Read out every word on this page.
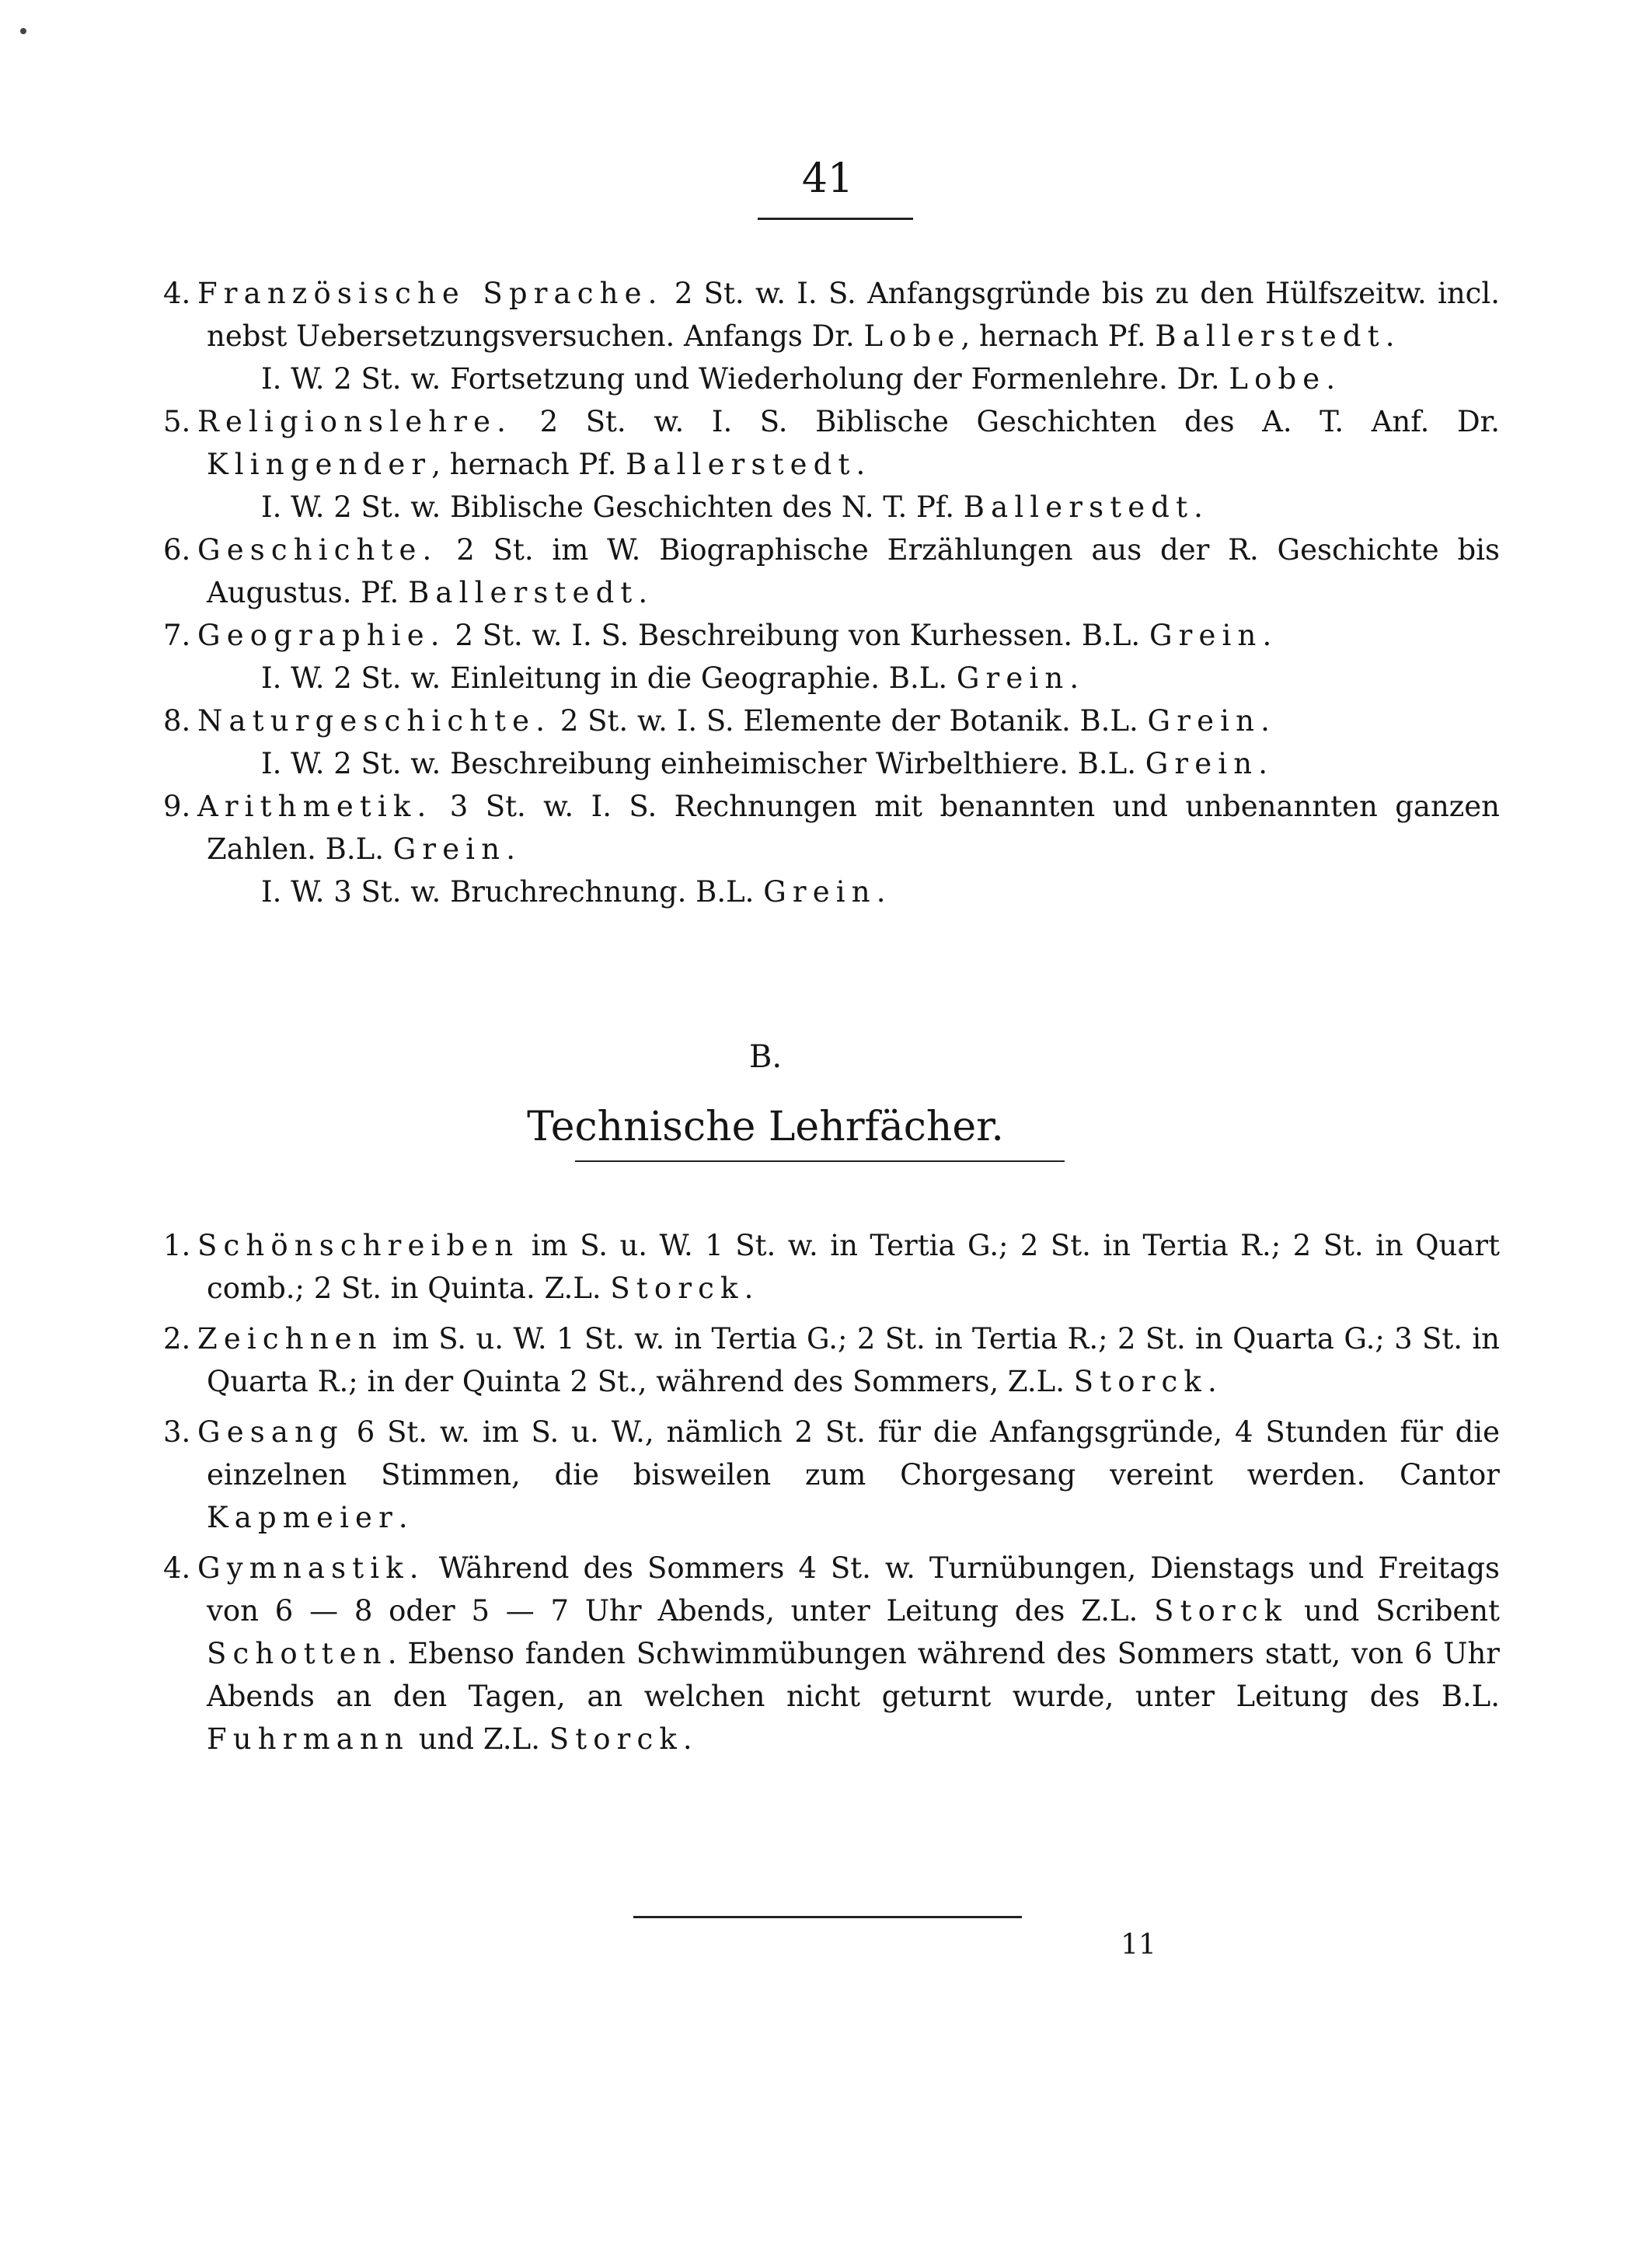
41

4. Französische Sprache. 2 St. w. I. S. Anfangsgründe bis zu den Hülfszeitw. incl. nebst Uebersetzungsversuchen. Anfangs Dr. Lobe, hernach Pf. Ballerstedt.

I. W. 2 St. w. Fortsetzung und Wiederholung der Formenlehre. Dr. Lobe.

5. Religionslehre. 2 St. w. I. S. Biblische Geschichten des A. T. Anf. Dr. Klingender, hernach Pf. Ballerstedt.

I. W. 2 St. w. Biblische Geschichten des N. T. Pf. Ballerstedt.

6. Geschichte. 2 St. im W. Biographische Erzählungen aus der R. Geschichte bis Augustus. Pf. Ballerstedt.

7. Geographie. 2 St. w. I. S. Beschreibung von Kurhessen. B.L. Grein.

I. W. 2 St. w. Einleitung in die Geographie. B.L. Grein.

8. Naturgeschichte. 2 St. w. I. S. Elemente der Botanik. B.L. Grein.

I. W. 2 St. w. Beschreibung einheimischer Wirbelthiere. B.L. Grein.

9. Arithmetik. 3 St. w. I. S. Rechnungen mit benannten und unbenannten ganzen Zahlen. B.L. Grein.

I. W. 3 St. w. Bruchrechnung. B.L. Grein.

B.
Technische Lehrfächer.

1. Schönschreiben im S. u. W. 1 St. w. in Tertia G.; 2 St. in Tertia R.; 2 St. in Quart comb.; 2 St. in Quinta. Z.L. Storck.

2. Zeichnen im S. u. W. 1 St. w. in Tertia G.; 2 St. in Tertia R.; 2 St. in Quarta G.; 3 St. in Quarta R.; in der Quinta 2 St., während des Sommers, Z.L. Storck.

3. Gesang 6 St. w. im S. u. W., nämlich 2 St. für die Anfangsgründe, 4 Stunden für die einzelnen Stimmen, die bisweilen zum Chorgesang vereint werden. Cantor Kapmeier.

4. Gymnastik. Während des Sommers 4 St. w. Turnübungen, Dienstags und Freitags von 6 — 8 oder 5 — 7 Uhr Abends, unter Leitung des Z.L. Storck und Scribent Schotten. Ebenso fanden Schwimmübungen während des Sommers statt, von 6 Uhr Abends an den Tagen, an welchen nicht geturnt wurde, unter Leitung des B.L. Fuhrmann und Z.L. Storck.

11
